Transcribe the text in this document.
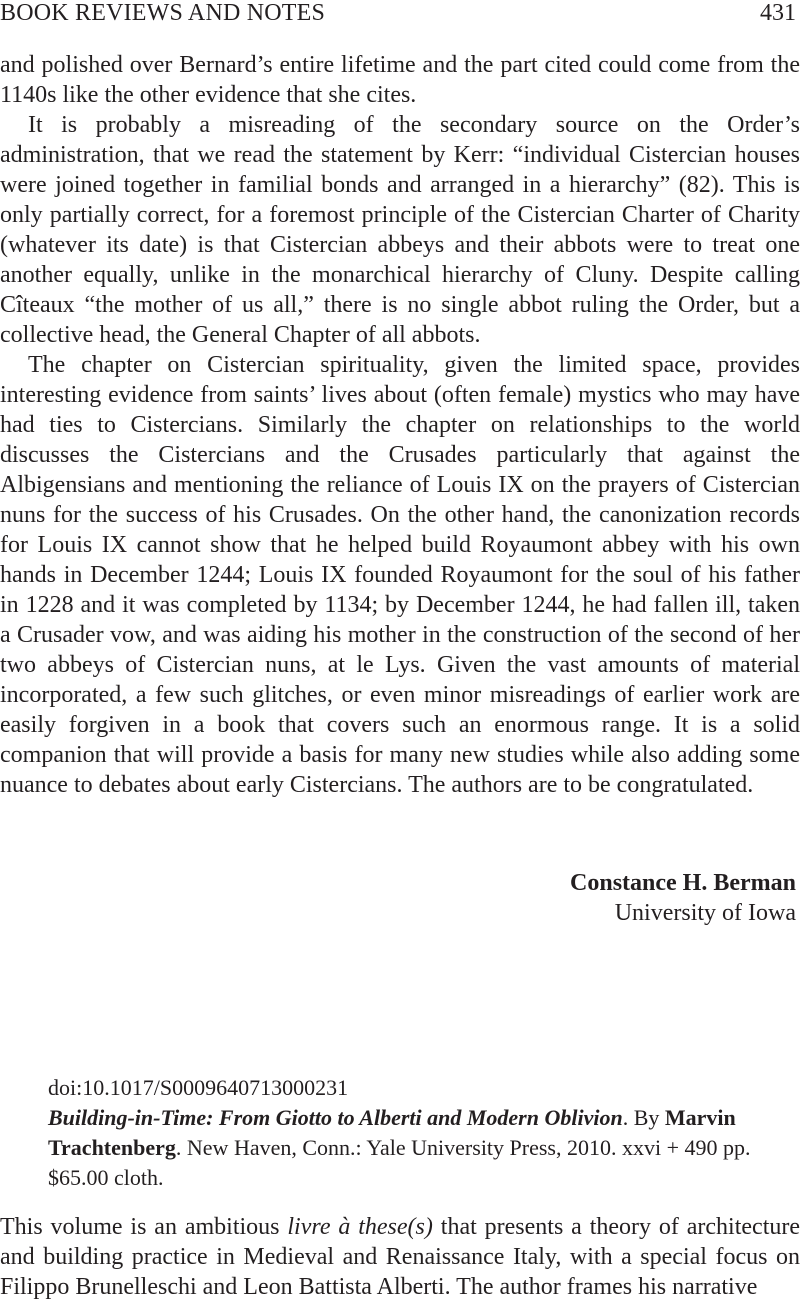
BOOK REVIEWS AND NOTES	431

and polished over Bernard’s entire lifetime and the part cited could come from the 1140s like the other evidence that she cites.

It is probably a misreading of the secondary source on the Order’s administration, that we read the statement by Kerr: “individual Cistercian houses were joined together in familial bonds and arranged in a hierarchy” (82). This is only partially correct, for a foremost principle of the Cistercian Charter of Charity (whatever its date) is that Cistercian abbeys and their abbots were to treat one another equally, unlike in the monarchical hierarchy of Cluny. Despite calling Cîteaux “the mother of us all,” there is no single abbot ruling the Order, but a collective head, the General Chapter of all abbots.

The chapter on Cistercian spirituality, given the limited space, provides interesting evidence from saints’ lives about (often female) mystics who may have had ties to Cistercians. Similarly the chapter on relationships to the world discusses the Cistercians and the Crusades particularly that against the Albigensians and mentioning the reliance of Louis IX on the prayers of Cistercian nuns for the success of his Crusades. On the other hand, the canonization records for Louis IX cannot show that he helped build Royaumont abbey with his own hands in December 1244; Louis IX founded Royaumont for the soul of his father in 1228 and it was completed by 1134; by December 1244, he had fallen ill, taken a Crusader vow, and was aiding his mother in the construction of the second of her two abbeys of Cistercian nuns, at le Lys. Given the vast amounts of material incorporated, a few such glitches, or even minor misreadings of earlier work are easily forgiven in a book that covers such an enormous range. It is a solid companion that will provide a basis for many new studies while also adding some nuance to debates about early Cistercians. The authors are to be congratulated.

Constance H. Berman
University of Iowa
doi:10.1017/S0009640713000231
Building-in-Time: From Giotto to Alberti and Modern Oblivion. By Marvin Trachtenberg. New Haven, Conn.: Yale University Press, 2010. xxvi + 490 pp. $65.00 cloth.

This volume is an ambitious livre à these(s) that presents a theory of architecture and building practice in Medieval and Renaissance Italy, with a special focus on Filippo Brunelleschi and Leon Battista Alberti. The author frames his narrative
